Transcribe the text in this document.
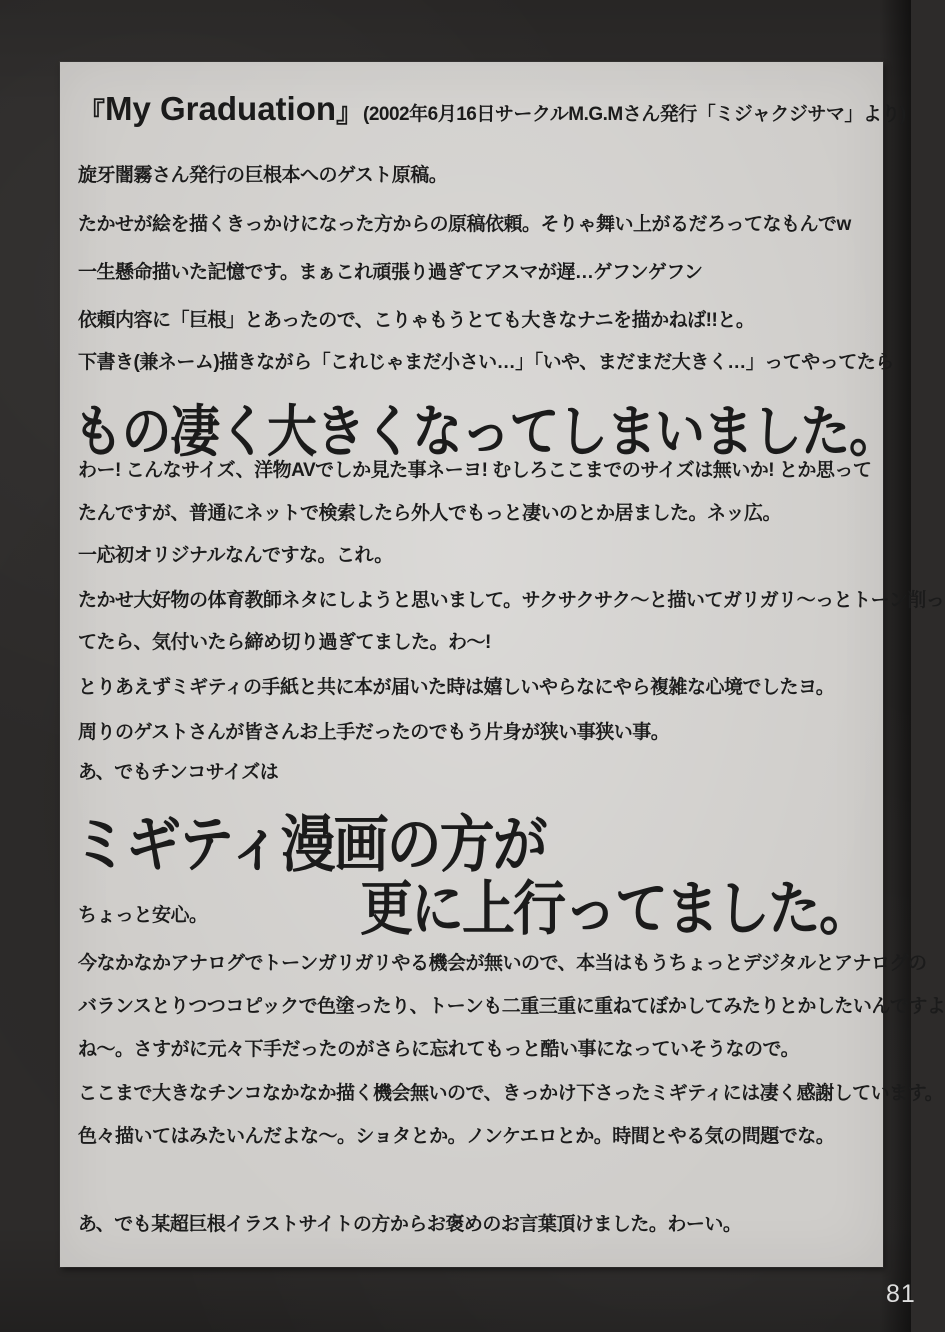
『My Graduation』(2002年6月16日サークルM.G.Mさん発行「ミジャクジサマ」より)
旋牙闇霧さん発行の巨根本へのゲスト原稿。
たかせが絵を描くきっかけになった方からの原稿依頼。そりゃ舞い上がるだろってなもんでw
一生懸命描いた記憶です。まぁこれ頑張り過ぎてアスマが遅…ゲフンゲフン
依頼内容に「巨根」とあったので、こりゃもうとても大きなナニを描かねば!!と。
下書き(兼ネーム)描きながら「これじゃまだ小さい…」「いや、まだまだ大きく…」ってやってたら
もの凄く大きくなってしまいました。
わー! こんなサイズ、洋物AVでしか見た事ネーヨ! むしろここまでのサイズは無いか! とか思って
たんですが、普通にネットで検索したら外人でもっと凄いのとか居ました。ネッ広。
一応初オリジナルなんですな。これ。
たかせ大好物の体育教師ネタにしようと思いまして。サクサクサク〜と描いてガリガリ〜っとトーン削っ
てたら、気付いたら締め切り過ぎてました。わ〜!
とりあえずミギティの手紙と共に本が届いた時は嬉しいやらなにやら複雑な心境でしたヨ。
周りのゲストさんが皆さんお上手だったのでもう片身が狭い事狭い事。
あ、でもチンコサイズは
ミギティ漫画の方が
更に上行ってました。
ちょっと安心。
今なかなかアナログでトーンガリガリやる機会が無いので、本当はもうちょっとデジタルとアナログの
バランスとりつつコピックで色塗ったり、トーンも二重三重に重ねてぼかしてみたりとかしたいんですよ
ね〜。さすがに元々下手だったのがさらに忘れてもっと酷い事になっていそうなので。
ここまで大きなチンコなかなか描く機会無いので、きっかけ下さったミギティには凄く感謝しています。
色々描いてはみたいんだよな〜。ショタとか。ノンケエロとか。時間とやる気の問題でな。
あ、でも某超巨根イラストサイトの方からお褒めのお言葉頂けました。わーい。
81
